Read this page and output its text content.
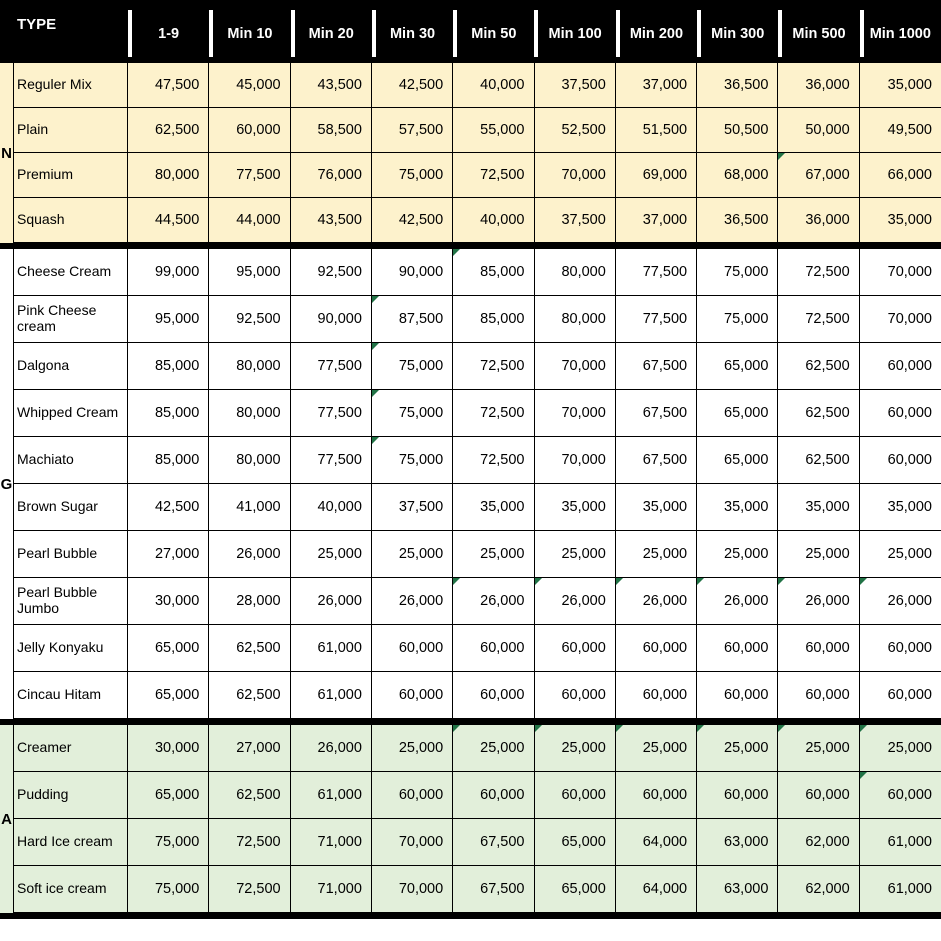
TYPE
1-9	Min 10	Min 20	Min 30	Min 50	Min 100	Min 200	Min 300	Min 500	Min 1000
N
Reguler Mix	47,500	45,000	43,500	42,500	40,000	37,500	37,000	36,500	36,000	35,000
Plain	62,500	60,000	58,500	57,500	55,000	52,500	51,500	50,500	50,000	49,500
Premium	80,000	77,500	76,000	75,000	72,500	70,000	69,000	68,000	67,000	66,000
Squash	44,500	44,000	43,500	42,500	40,000	37,500	37,000	36,500	36,000	35,000
G
Cheese Cream	99,000	95,000	92,500	90,000	85,000	80,000	77,500	75,000	72,500	70,000
Pink Cheese cream	95,000	92,500	90,000	87,500	85,000	80,000	77,500	75,000	72,500	70,000
Dalgona	85,000	80,000	77,500	75,000	72,500	70,000	67,500	65,000	62,500	60,000
Whipped Cream	85,000	80,000	77,500	75,000	72,500	70,000	67,500	65,000	62,500	60,000
Machiato	85,000	80,000	77,500	75,000	72,500	70,000	67,500	65,000	62,500	60,000
Brown Sugar	42,500	41,000	40,000	37,500	35,000	35,000	35,000	35,000	35,000	35,000
Pearl Bubble	27,000	26,000	25,000	25,000	25,000	25,000	25,000	25,000	25,000	25,000
Pearl Bubble Jumbo	30,000	28,000	26,000	26,000	26,000	26,000	26,000	26,000	26,000	26,000
Jelly Konyaku	65,000	62,500	61,000	60,000	60,000	60,000	60,000	60,000	60,000	60,000
Cincau Hitam	65,000	62,500	61,000	60,000	60,000	60,000	60,000	60,000	60,000	60,000
A
Creamer	30,000	27,000	26,000	25,000	25,000	25,000	25,000	25,000	25,000	25,000
Pudding	65,000	62,500	61,000	60,000	60,000	60,000	60,000	60,000	60,000	60,000
Hard Ice cream	75,000	72,500	71,000	70,000	67,500	65,000	64,000	63,000	62,000	61,000
Soft ice cream	75,000	72,500	71,000	70,000	67,500	65,000	64,000	63,000	62,000	61,000
